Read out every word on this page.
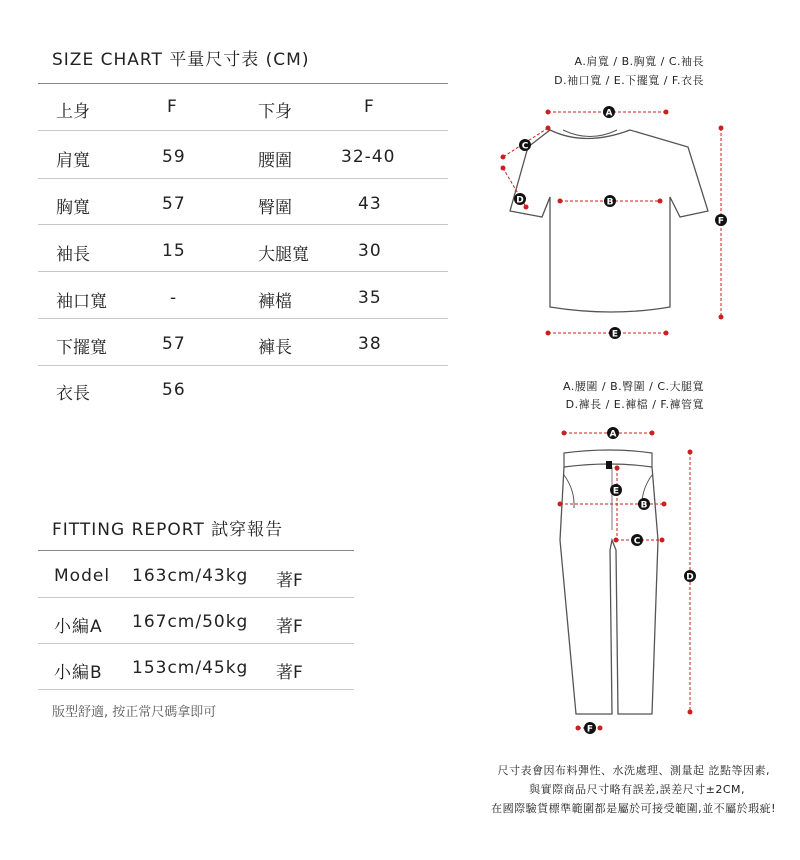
SIZE CHART 平量尺寸表 (CM)
上身	F	下身	F
肩寬	59	腰圍	32-40
胸寬	57	臀圍	43
袖長	15	大腿寬	30
袖口寬	-	褲檔	35
下擺寬	57	褲長	38
衣長	56
FITTING REPORT 試穿報告
Model 163cm/43kg 著F
小編A 167cm/50kg 著F
小編B 153cm/45kg 著F
版型舒適, 按正常尺碼拿即可
A.肩寬 / B.胸寬 / C.袖長
D.袖口寬 / E.下擺寬 / F.衣長
A
C
D	B
E
F
A.腰圍 / B.臀圍 / C.大腿寬
D.褲長 / E.褲檔 / F.褲管寬
A
E
B
C
D
F
尺寸表會因布料彈性、水洗處理、測量起 訖點等因素,
與實際商品尺寸略有誤差,誤差尺寸±2CM,
在國際驗貨標準範圍都是屬於可接受範圍,並不屬於瑕疵!
